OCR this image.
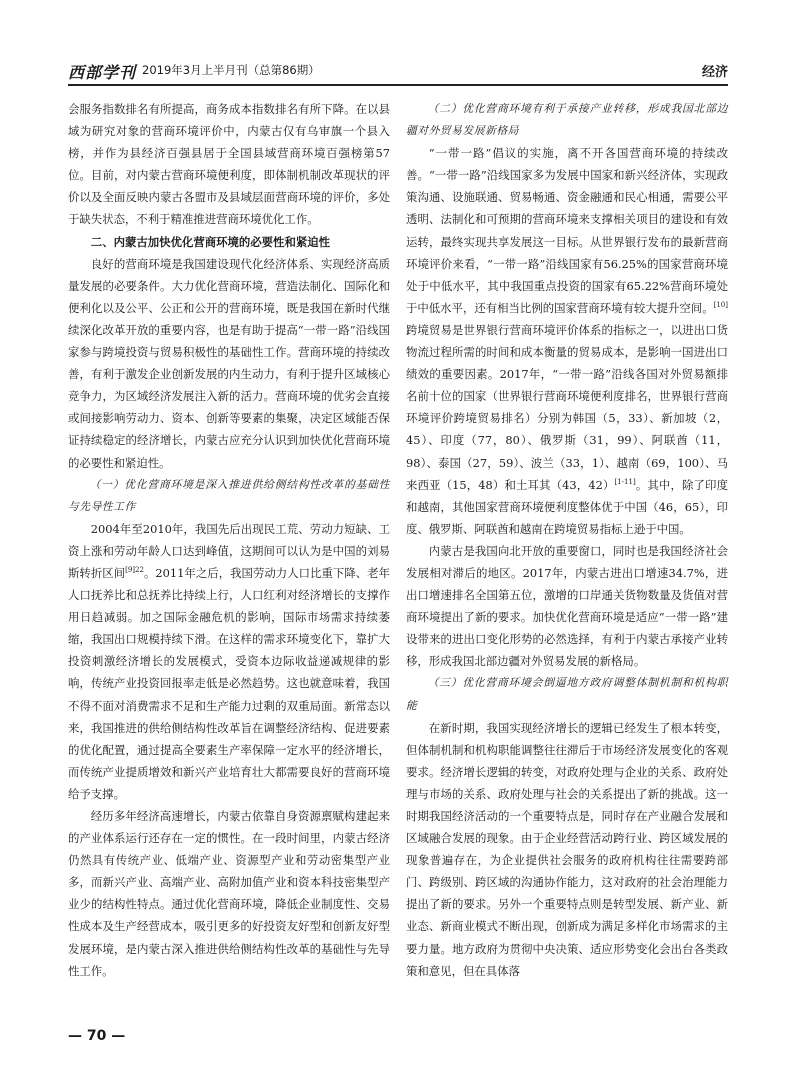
西部学刊 2019年3月上半月刊（总第86期）	经济

会服务指数排名有所提高，商务成本指数排名有所下降。在以县域为研究对象的营商环境评价中，内蒙古仅有乌审旗一个县入榜，并作为县经济百强县居于全国县域营商环境百强榜第57位。目前，对内蒙古营商环境便利度，即体制机制改革现状的评价以及全面反映内蒙古各盟市及县域层面营商环境的评价，多处于缺失状态，不利于精准推进营商环境优化工作。

二、内蒙古加快优化营商环境的必要性和紧迫性

良好的营商环境是我国建设现代化经济体系、实现经济高质量发展的必要条件。大力优化营商环境，营造法制化、国际化和便利化以及公平、公正和公开的营商环境，既是我国在新时代继续深化改革开放的重要内容，也是有助于提高“一带一路”沿线国家参与跨境投资与贸易积极性的基础性工作。营商环境的持续改善，有利于激发企业创新发展的内生动力，有利于提升区域核心竞争力，为区域经济发展注入新的活力。营商环境的优劣会直接或间接影响劳动力、资本、创新等要素的集聚，决定区域能否保证持续稳定的经济增长，内蒙古应充分认识到加快优化营商环境的必要性和紧迫性。

（一）优化营商环境是深入推进供给侧结构性改革的基础性与先导性工作

2004年至2010年，我国先后出现民工荒、劳动力短缺、工资上涨和劳动年龄人口达到峰值，这期间可以认为是中国的刘易斯转折区间$^{[9]22}$。2011年之后，我国劳动力人口比重下降、老年人口抚养比和总抚养比持续上行，人口红利对经济增长的支撑作用日趋减弱。加之国际金融危机的影响，国际市场需求持续萎缩，我国出口规模持续下滑。在这样的需求环境变化下，靠扩大投资刺激经济增长的发展模式，受资本边际收益递减规律的影响，传统产业投资回报率走低是必然趋势。这也就意味着，我国不得不面对消费需求不足和生产能力过剩的双重局面。新常态以来，我国推进的供给侧结构性改革旨在调整经济结构、促进要素的优化配置，通过提高全要素生产率保障一定水平的经济增长，而传统产业提质增效和新兴产业培育壮大都需要良好的营商环境给予支撑。

经历多年经济高速增长，内蒙古依靠自身资源禀赋构建起来的产业体系运行还存在一定的惯性。在一段时间里，内蒙古经济仍然具有传统产业、低端产业、资源型产业和劳动密集型产业多，而新兴产业、高端产业、高附加值产业和资本科技密集型产业少的结构性特点。通过优化营商环境，降低企业制度性、交易性成本及生产经营成本，吸引更多的好投资友好型和创新友好型发展环境，是内蒙古深入推进供给侧结构性改革的基础性与先导性工作。

（二）优化营商环境有利于承接产业转移，形成我国北部边疆对外贸易发展新格局

“一带一路”倡议的实施，离不开各国营商环境的持续改善。“一带一路”沿线国家多为发展中国家和新兴经济体，实现政策沟通、设施联通、贸易畅通、资金融通和民心相通，需要公平透明、法制化和可预期的营商环境来支撑相关项目的建设和有效运转，最终实现共享发展这一目标。从世界银行发布的最新营商环境评价来看，“一带一路”沿线国家有56.25%的国家营商环境处于中低水平，其中我国重点投资的国家有65.22%营商环境处于中低水平，还有相当比例的国家营商环境有较大提升空间。[10]跨境贸易是世界银行营商环境评价体系的指标之一，以进出口货物流过程所需的时间和成本衡量的贸易成本，是影响一国进出口绩效的重要因素。2017年，“一带一路”沿线各国对外贸易额排名前十位的国家（世界银行营商环境便利度排名，世界银行营商环境评价跨境贸易排名）分别为韩国（5，33）、新加坡（2，45）、印度（77，80）、俄罗斯（31，99）、阿联酋（11，98）、泰国（27，59）、波兰（33，1）、越南（69，100）、马来西亚（15，48）和土耳其（43，42）[1-11]。其中，除了印度和越南，其他国家营商环境便利度整体优于中国（46，65），印度、俄罗斯、阿联酋和越南在跨境贸易指标上逊于中国。

内蒙古是我国向北开放的重要窗口，同时也是我国经济社会发展相对滞后的地区。2017年，内蒙古进出口增速34.7%，进出口增速排名全国第五位，激增的口岸通关货物数量及货值对营商环境提出了新的要求。加快优化营商环境是适应“一带一路”建设带来的进出口变化形势的必然选择，有利于内蒙古承接产业转移，形成我国北部边疆对外贸易发展的新格局。

（三）优化营商环境会倒逼地方政府调整体制机制和机构职能

在新时期，我国实现经济增长的逻辑已经发生了根本转变，但体制机制和机构职能调整往往滞后于市场经济发展变化的客观要求。经济增长逻辑的转变，对政府处理与企业的关系、政府处理与市场的关系、政府处理与社会的关系提出了新的挑战。这一时期我国经济活动的一个重要特点是，同时存在产业融合发展和区域融合发展的现象。由于企业经营活动跨行业、跨区域发展的现象普遍存在，为企业提供社会服务的政府机构往往需要跨部门、跨级别、跨区域的沟通协作能力，这对政府的社会治理能力提出了新的要求。另外一个重要特点则是转型发展、新产业、新业态、新商业模式不断出现，创新成为满足多样化市场需求的主要力量。地方政府为贯彻中央决策、适应形势变化会出台各类政策和意见，但在具体落

— 70 —
